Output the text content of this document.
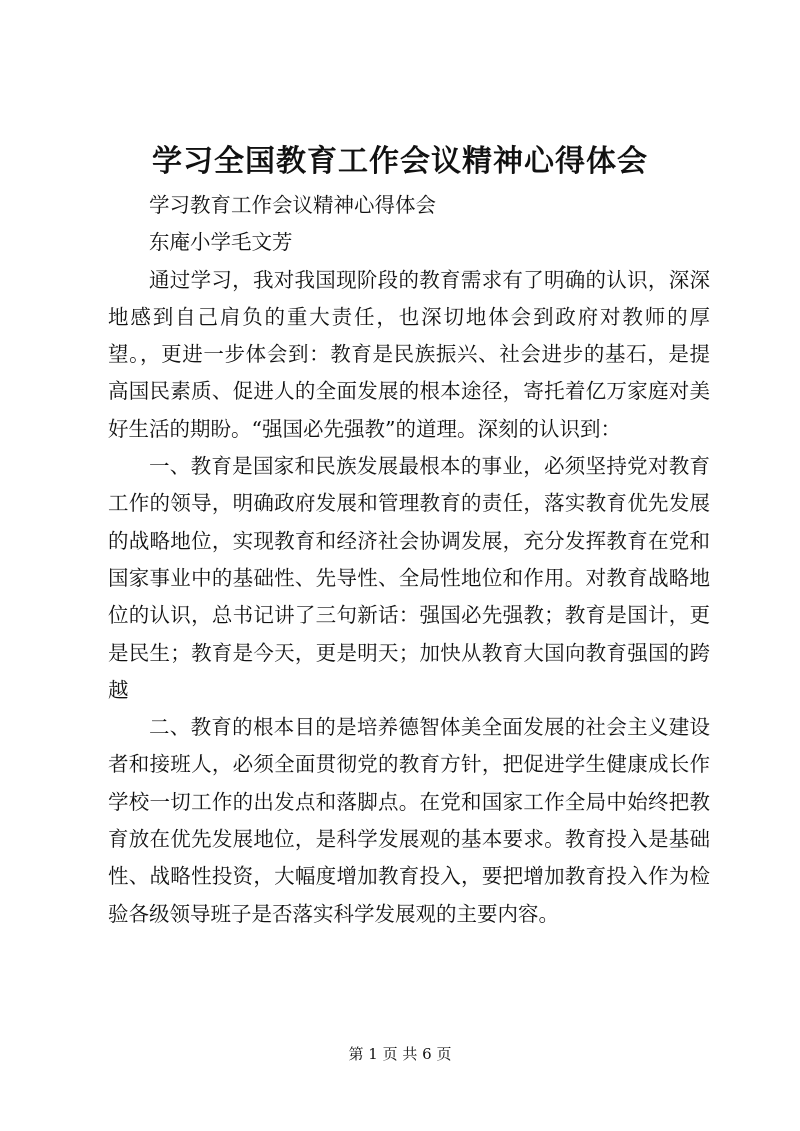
学习全国教育工作会议精神心得体会

学习教育工作会议精神心得体会

东庵小学毛文芳

通过学习，我对我国现阶段的教育需求有了明确的认识，深深地感到自己肩负的重大责任，也深切地体会到政府对教师的厚望。，更进一步体会到：教育是民族振兴、社会进步的基石，是提高国民素质、促进人的全面发展的根本途径，寄托着亿万家庭对美好生活的期盼。“强国必先强教”的道理。深刻的认识到：

一、教育是国家和民族发展最根本的事业，必须坚持党对教育工作的领导，明确政府发展和管理教育的责任，落实教育优先发展的战略地位，实现教育和经济社会协调发展，充分发挥教育在党和国家事业中的基础性、先导性、全局性地位和作用。对教育战略地位的认识，总书记讲了三句新话：强国必先强教；教育是国计，更是民生；教育是今天，更是明天；加快从教育大国向教育强国的跨越

二、教育的根本目的是培养德智体美全面发展的社会主义建设者和接班人，必须全面贯彻党的教育方针，把促进学生健康成长作学校一切工作的出发点和落脚点。在党和国家工作全局中始终把教育放在优先发展地位，是科学发展观的基本要求。教育投入是基础性、战略性投资，大幅度增加教育投入，要把增加教育投入作为检验各级领导班子是否落实科学发展观的主要内容。

第 1 页 共 6 页
